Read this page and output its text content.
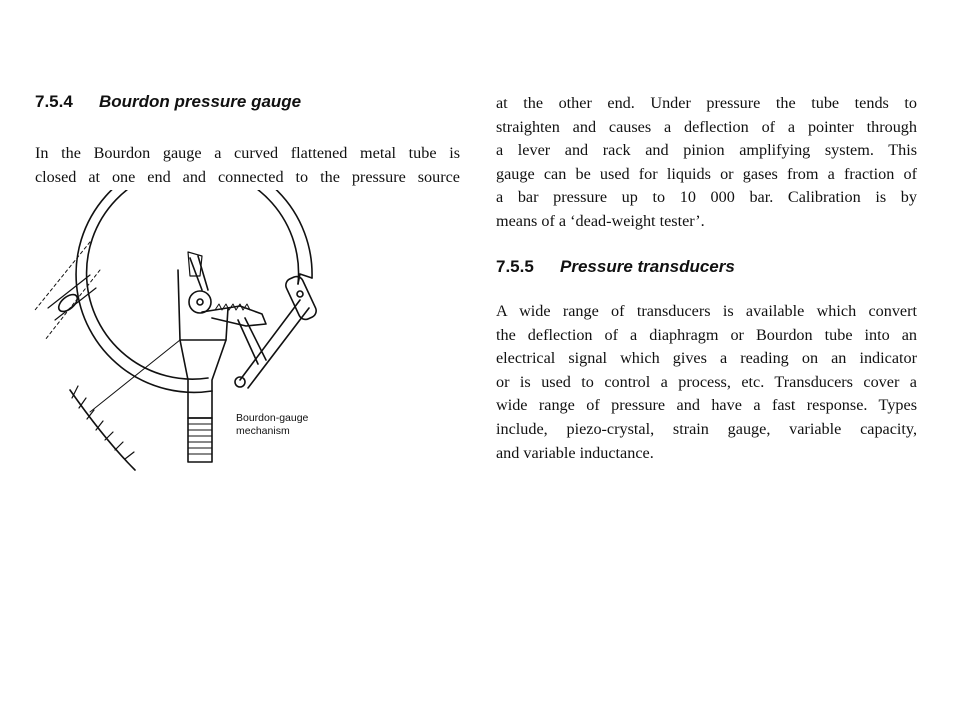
7.5.4 Bourdon pressure gauge

In the Bourdon gauge a curved flattened metal tube is
closed at one end and connected to the pressure source

Bourdon-gauge
mechanism

at the other end. Under pressure the tube tends to
straighten and causes a deflection of a pointer through
a lever and rack and pinion amplifying system. This
gauge can be used for liquids or gases from a fraction of
a bar pressure up to 10 000 bar. Calibration is by
means of a ‘dead-weight tester’.

7.5.5 Pressure transducers

A wide range of transducers is available which convert
the deflection of a diaphragm or Bourdon tube into an
electrical signal which gives a reading on an indicator
or is used to control a process, etc. Transducers cover a
wide range of pressure and have a fast response. Types
include, piezo-crystal, strain gauge, variable capacity,
and variable inductance.
